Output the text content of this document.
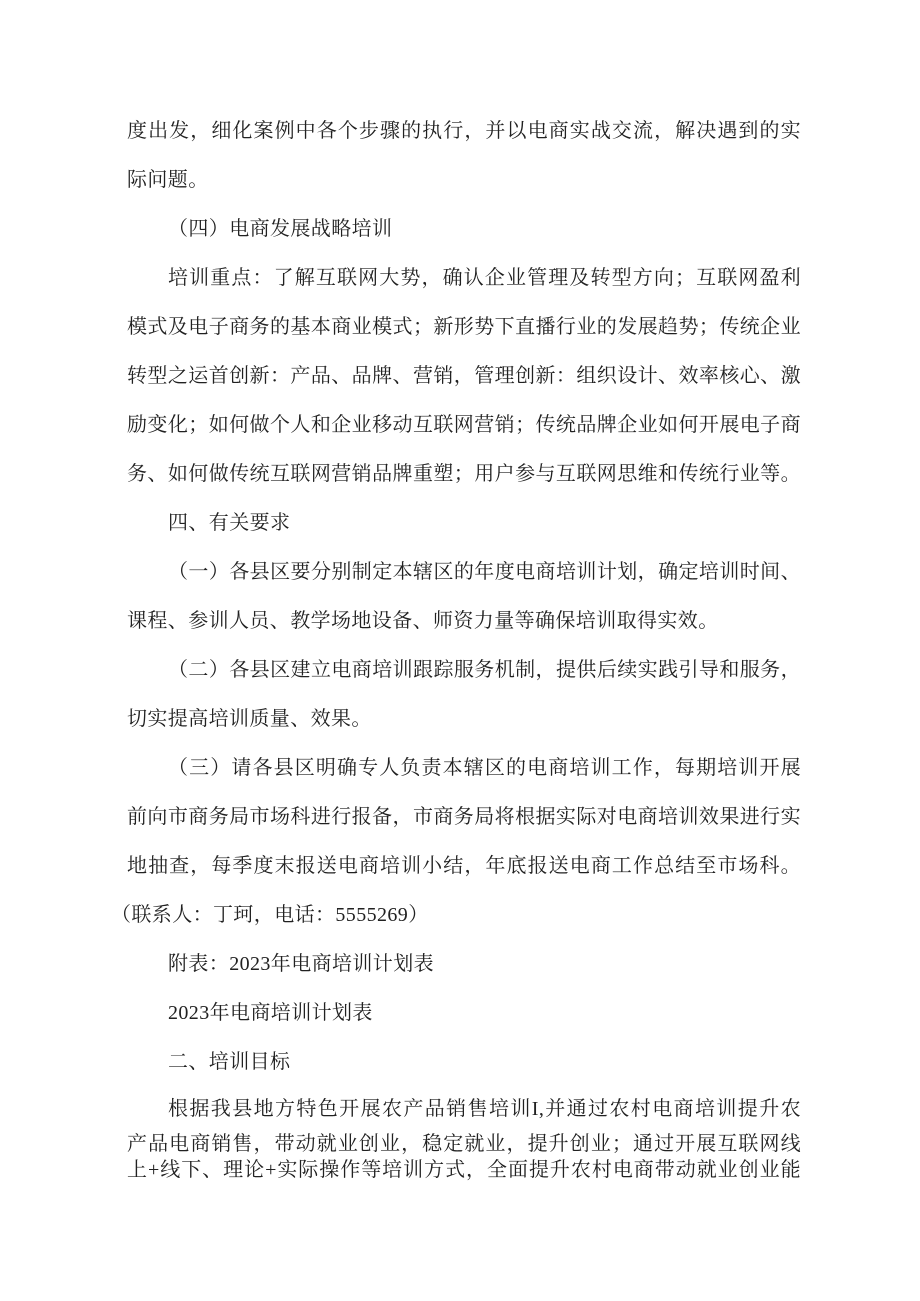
度出发，细化案例中各个步骤的执行，并以电商实战交流，解决遇到的实
际问题。
（四）电商发展战略培训
培训重点：了解互联网大势，确认企业管理及转型方向；互联网盈利
模式及电子商务的基本商业模式；新形势下直播行业的发展趋势；传统企业
转型之运首创新：产品、品牌、营销，管理创新：组织设计、效率核心、激
励变化；如何做个人和企业移动互联网营销；传统品牌企业如何开展电子商
务、如何做传统互联网营销品牌重塑；用户参与互联网思维和传统行业等。
四、有关要求
（一）各县区要分别制定本辖区的年度电商培训计划，确定培训时间、
课程、参训人员、教学场地设备、师资力量等确保培训取得实效。
（二）各县区建立电商培训跟踪服务机制，提供后续实践引导和服务，
切实提高培训质量、效果。
（三）请各县区明确专人负责本辖区的电商培训工作，每期培训开展
前向市商务局市场科进行报备，市商务局将根据实际对电商培训效果进行实
地抽查，每季度末报送电商培训小结，年底报送电商工作总结至市场科。
（联系人：丁珂，电话：5555269）
附表：2023年电商培训计划表
2023年电商培训计划表
二、培训目标
根据我县地方特色开展农产品销售培训I,并通过农村电商培训提升农
产品电商销售，带动就业创业，稳定就业，提升创业；通过开展互联网线
上+线下、理论+实际操作等培训方式，全面提升农村电商带动就业创业能
